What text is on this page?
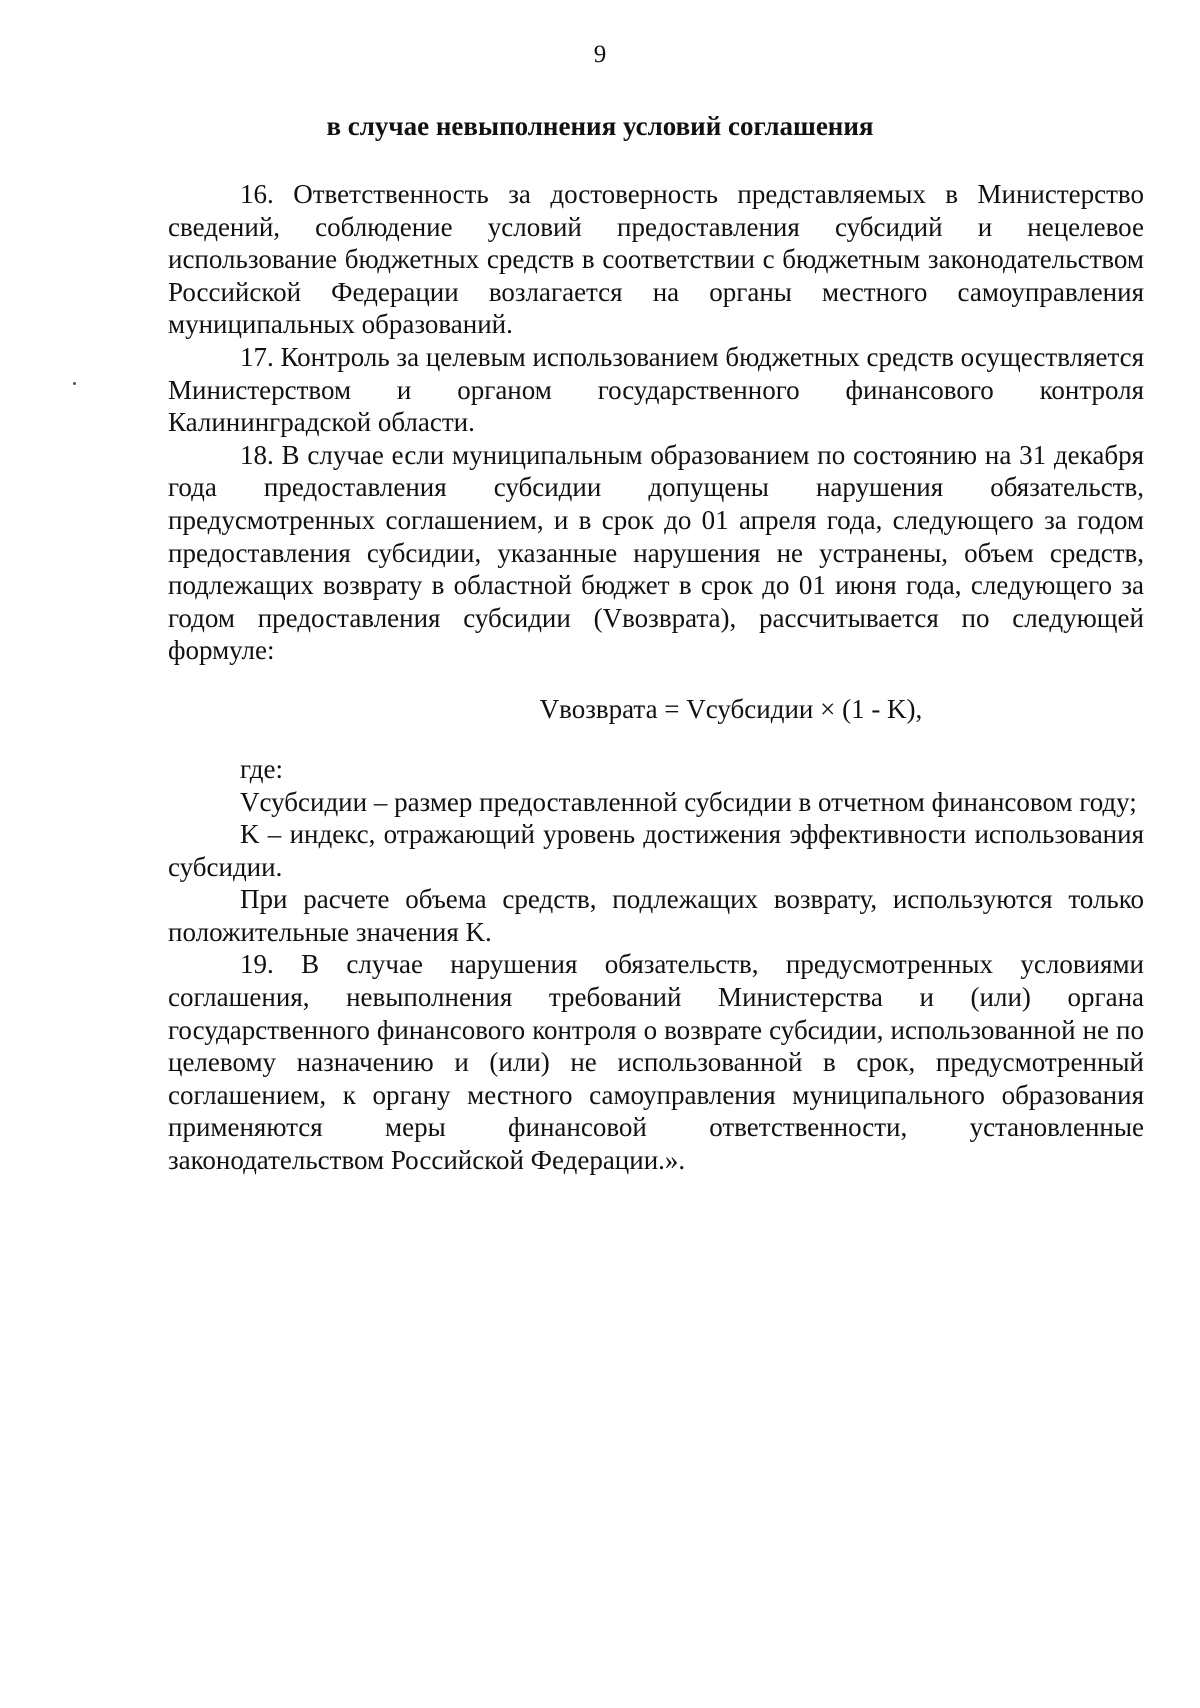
9
в случае невыполнения условий соглашения

16. Ответственность за достоверность представляемых в Министерство сведений, соблюдение условий предоставления субсидий и нецелевое использование бюджетных средств в соответствии с бюджетным законодательством Российской Федерации возлагается на органы местного самоуправления муниципальных образований.

17. Контроль за целевым использованием бюджетных средств осуществляется Министерством и органом государственного финансового контроля Калининградской области.

18. В случае если муниципальным образованием по состоянию на 31 декабря года предоставления субсидии допущены нарушения обязательств, предусмотренных соглашением, и в срок до 01 апреля года, следующего за годом предоставления субсидии, указанные нарушения не устранены, объем средств, подлежащих возврату в областной бюджет в срок до 01 июня года, следующего за годом предоставления субсидии (Vвозврата), рассчитывается по следующей формуле:

Vвозврата = Vсубсидии × (1 - K),

где:

Vсубсидии – размер предоставленной субсидии в отчетном финансовом году;

K – индекс, отражающий уровень достижения эффективности использования субсидии.

При расчете объема средств, подлежащих возврату, используются только положительные значения K.

19. В случае нарушения обязательств, предусмотренных условиями соглашения, невыполнения требований Министерства и (или) органа государственного финансового контроля о возврате субсидии, использованной не по целевому назначению и (или) не использованной в срок, предусмотренный соглашением, к органу местного самоуправления муниципального образования применяются меры финансовой ответственности, установленные законодательством Российской Федерации.».
